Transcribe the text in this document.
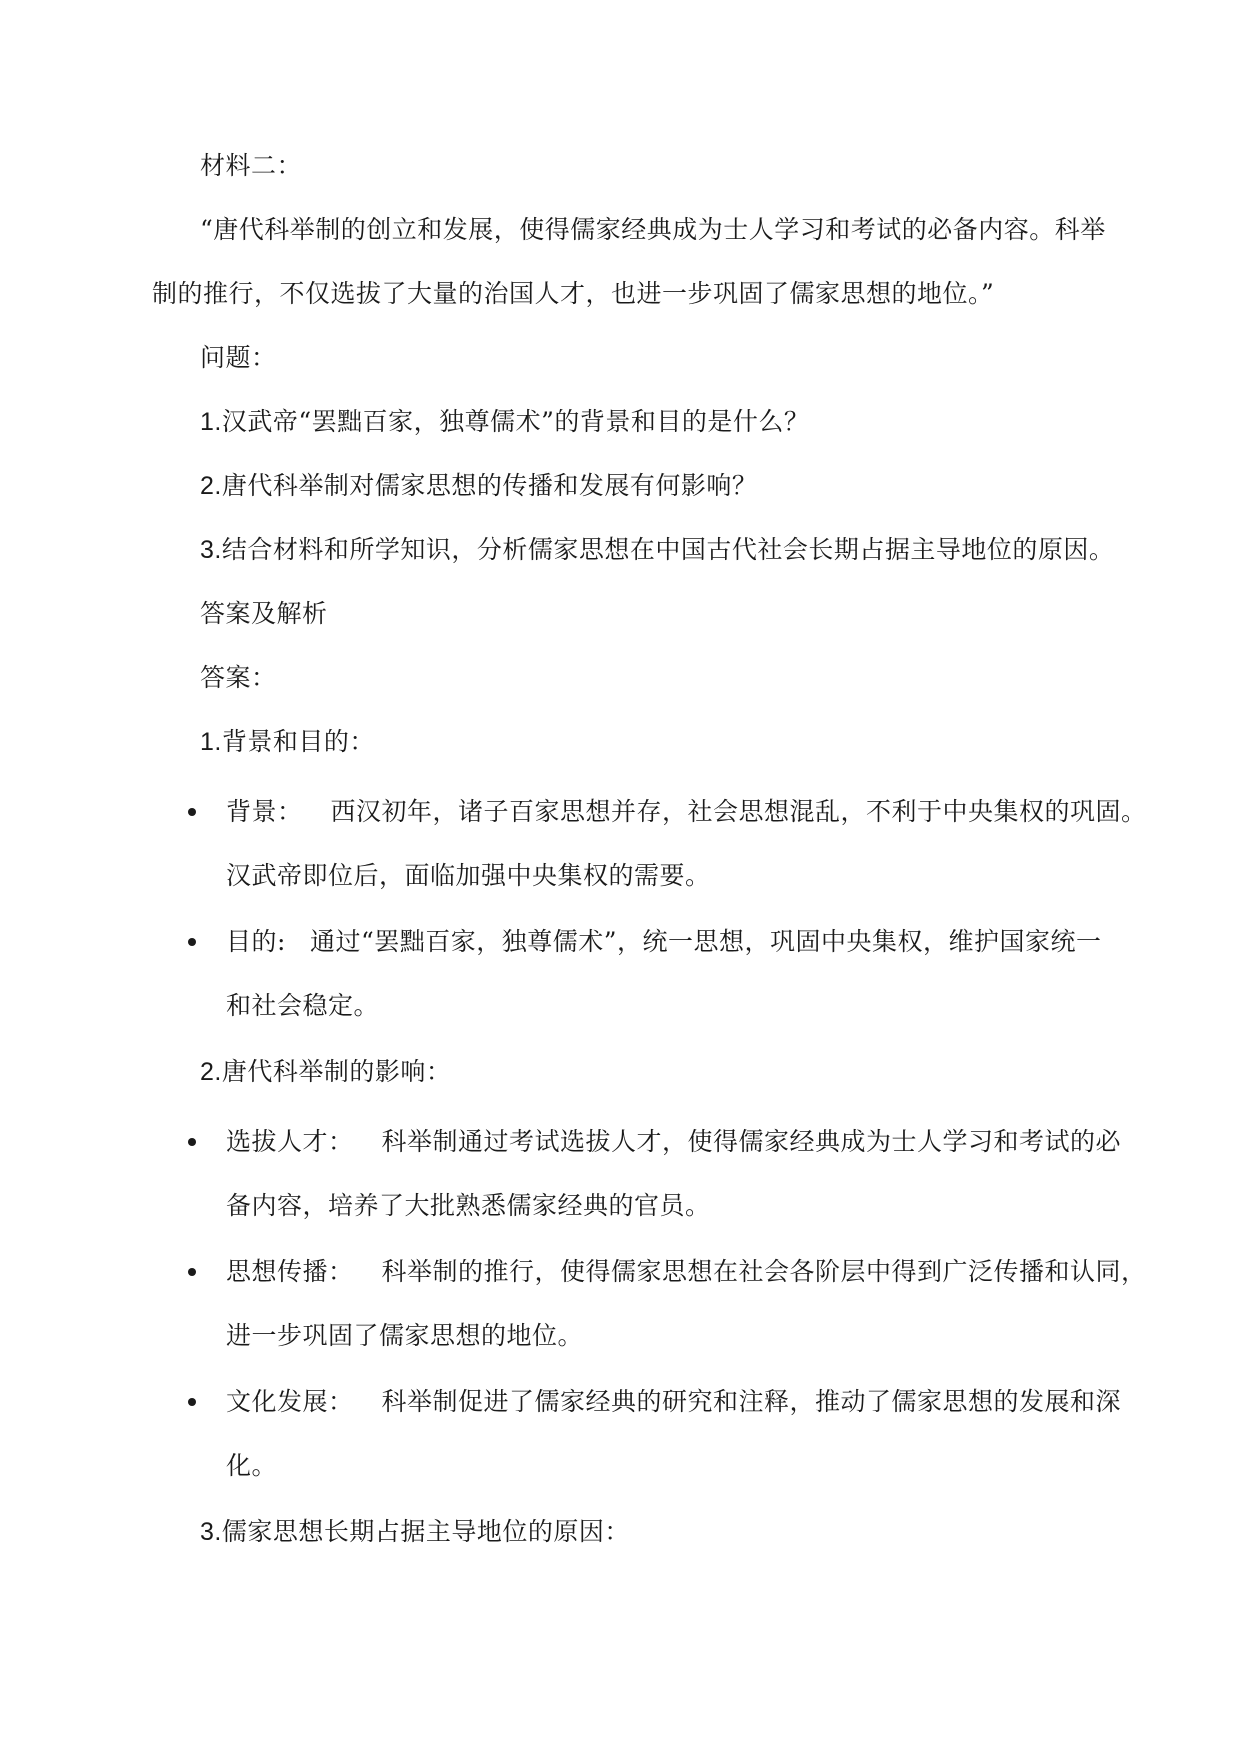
材料二：
“唐代科举制的创立和发展，使得儒家经典成为士人学习和考试的必备内容。科举
制的推行，不仅选拔了大量的治国人才，也进一步巩固了儒家思想的地位。”
问题：
1.汉武帝“罢黜百家，独尊儒术”的背景和目的是什么？
2.唐代科举制对儒家思想的传播和发展有何影响？
3.结合材料和所学知识，分析儒家思想在中国古代社会长期占据主导地位的原因。
答案及解析
答案：
1.背景和目的：
背景： 西汉初年，诸子百家思想并存，社会思想混乱，不利于中央集权的巩固。
汉武帝即位后，面临加强中央集权的需要。
目的: 通过“罢黜百家，独尊儒术”，统一思想，巩固中央集权，维护国家统一
和社会稳定。
2.唐代科举制的影响：
选拔人才： 科举制通过考试选拔人才，使得儒家经典成为士人学习和考试的必
备内容，培养了大批熟悉儒家经典的官员。
思想传播： 科举制的推行，使得儒家思想在社会各阶层中得到广泛传播和认同，
进一步巩固了儒家思想的地位。
文化发展： 科举制促进了儒家经典的研究和注释，推动了儒家思想的发展和深
化。
3.儒家思想长期占据主导地位的原因：
